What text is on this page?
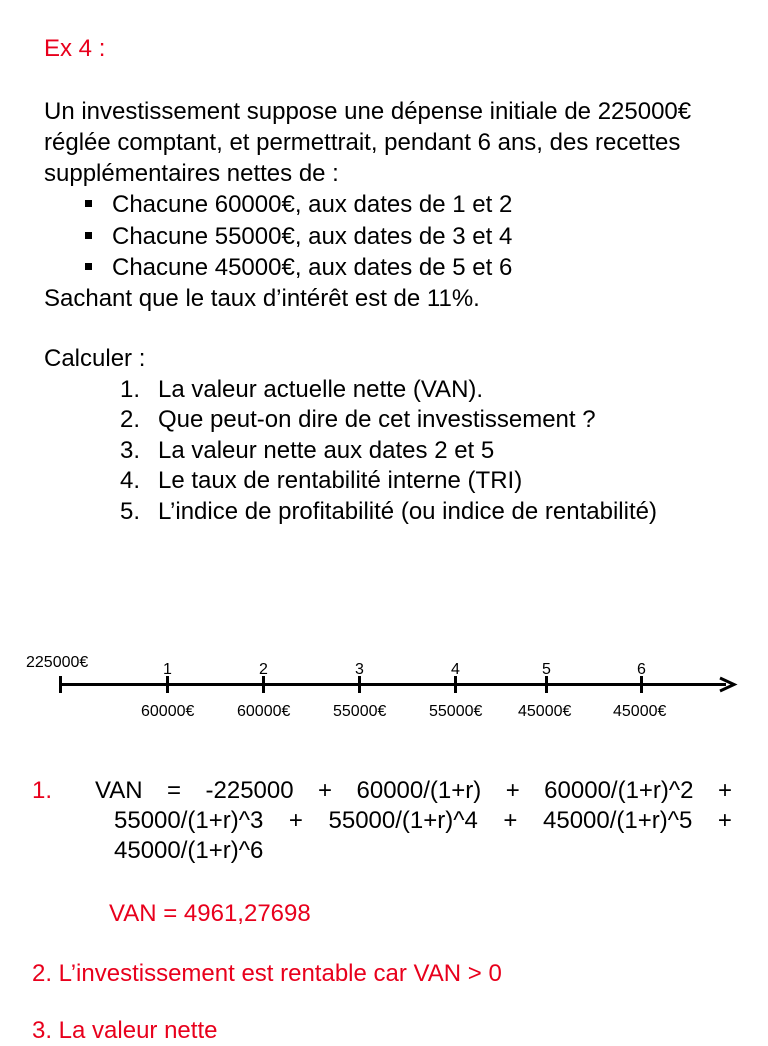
Ex 4 :
Un investissement suppose une dépense initiale de 225000€
réglée comptant, et permettrait, pendant 6 ans, des recettes
supplémentaires nettes de :
Chacune 60000€, aux dates de 1 et 2
Chacune 55000€, aux dates de 3 et 4
Chacune 45000€, aux dates de 5 et 6
Sachant que le taux d’intérêt est de 11%.
Calculer :
1. La valeur actuelle nette (VAN).
2. Que peut-on dire de cet investissement ?
3. La valeur nette aux dates 2 et 5
4. Le taux de rentabilité interne (TRI)
5. L’indice de profitabilité (ou indice de rentabilité)
225000€	1
60000€
2
60000€
3
55000€
4
55000€
5
45000€
6
45000€
1. VAN = -225000 + 60000/(1+r) + 60000/(1+r)^2 +
55000/(1+r)^3 + 55000/(1+r)^4 + 45000/(1+r)^5 +
45000/(1+r)^6
VAN = 4961,27698
2. L’investissement est rentable car VAN > 0
3. La valeur nette
